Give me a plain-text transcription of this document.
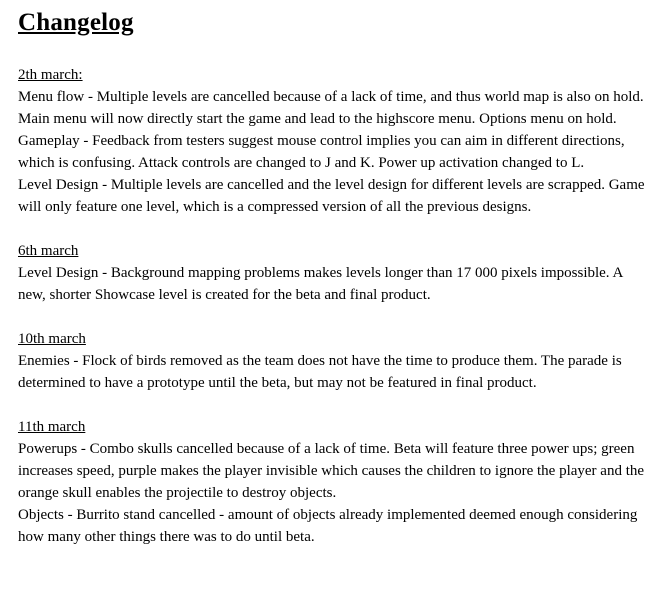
Changelog
2th march:
Menu flow - Multiple levels are cancelled because of a lack of time, and thus world map is also on hold. Main menu will now directly start the game and lead to the highscore menu. Options menu on hold.
Gameplay - Feedback from testers suggest mouse control implies you can aim in different directions, which is confusing. Attack controls are changed to J and K. Power up activation changed to L.
Level Design - Multiple levels are cancelled and the level design for different levels are scrapped. Game will only feature one level, which is a compressed version of all the previous designs.
6th march
Level Design - Background mapping problems makes levels longer than 17 000 pixels impossible. A new, shorter Showcase level is created for the beta and final product.
10th march
Enemies - Flock of birds removed as the team does not have the time to produce them. The parade is determined to have a prototype until the beta, but may not be featured in final product.
11th march
Powerups - Combo skulls cancelled because of a lack of time. Beta will feature three power ups; green increases speed, purple makes the player invisible which causes the children to ignore the player and the orange skull enables the projectile to destroy objects.
Objects - Burrito stand cancelled - amount of objects already implemented deemed enough considering how many other things there was to do until beta.
